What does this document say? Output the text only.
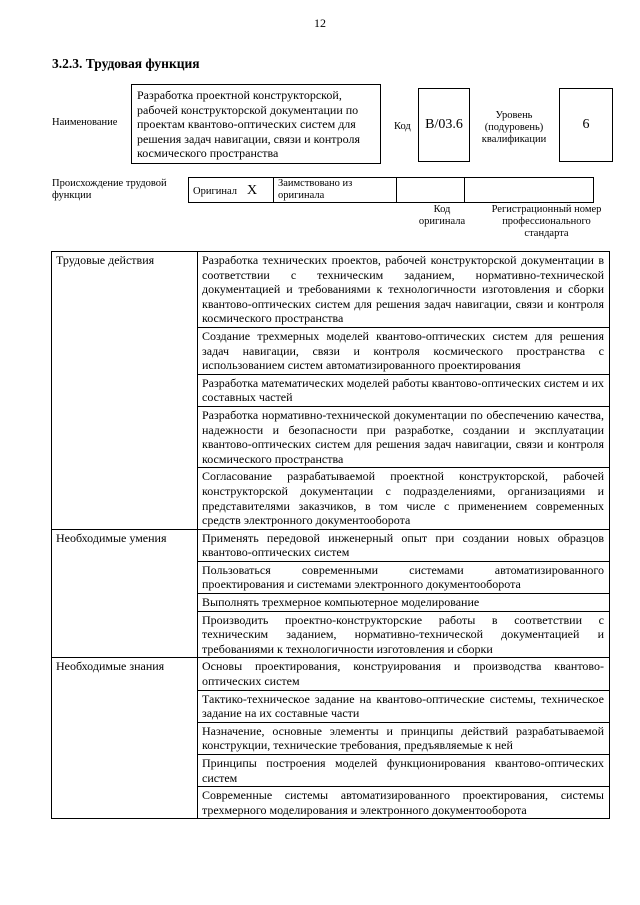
12
3.2.3. Трудовая функция
Наименование
Разработка проектной конструкторской, рабочей конструкторской документации по проектам квантово-оптических систем для решения задач навигации, связи и контроля космического пространства
Код	B/03.6
Уровень (подуровень) квалификации
6
Происхождение трудовой функции	Оригинал X	Заимствовано из оригинала		
Код оригинала
Регистрационный номер профессионального стандарта
Трудовые действия	Разработка технических проектов, рабочей конструкторской документации в соответствии с техническим заданием, нормативно-технической документацией и требованиями к технологичности изготовления и сборки квантово-оптических систем для решения задач навигации, связи и контроля космического пространства
	Создание трехмерных моделей квантово-оптических систем для решения задач навигации, связи и контроля космического пространства с использованием систем автоматизированного проектирования
	Разработка математических моделей работы квантово-оптических систем и их составных частей
	Разработка нормативно-технической документации по обеспечению качества, надежности и безопасности при разработке, создании и эксплуатации квантово-оптических систем для решения задач навигации, связи и контроля космического пространства
	Согласование разрабатываемой проектной конструкторской, рабочей конструкторской документации с подразделениями, организациями и представителями заказчиков, в том числе с применением современных средств электронного документооборота
Необходимые умения	Применять передовой инженерный опыт при создании новых образцов квантово-оптических систем
	Пользоваться современными системами автоматизированного проектирования и системами электронного документооборота
	Выполнять трехмерное компьютерное моделирование
	Производить проектно-конструкторские работы в соответствии с техническим заданием, нормативно-технической документацией и требованиями к технологичности изготовления и сборки
Необходимые знания	Основы проектирования, конструирования и производства квантово-оптических систем
	Тактико-техническое задание на квантово-оптические системы, техническое задание на их составные части
	Назначение, основные элементы и принципы действий разрабатываемой конструкции, технические требования, предъявляемые к ней
	Принципы построения моделей функционирования квантово-оптических систем
	Современные системы автоматизированного проектирования, системы трехмерного моделирования и электронного документооборота
